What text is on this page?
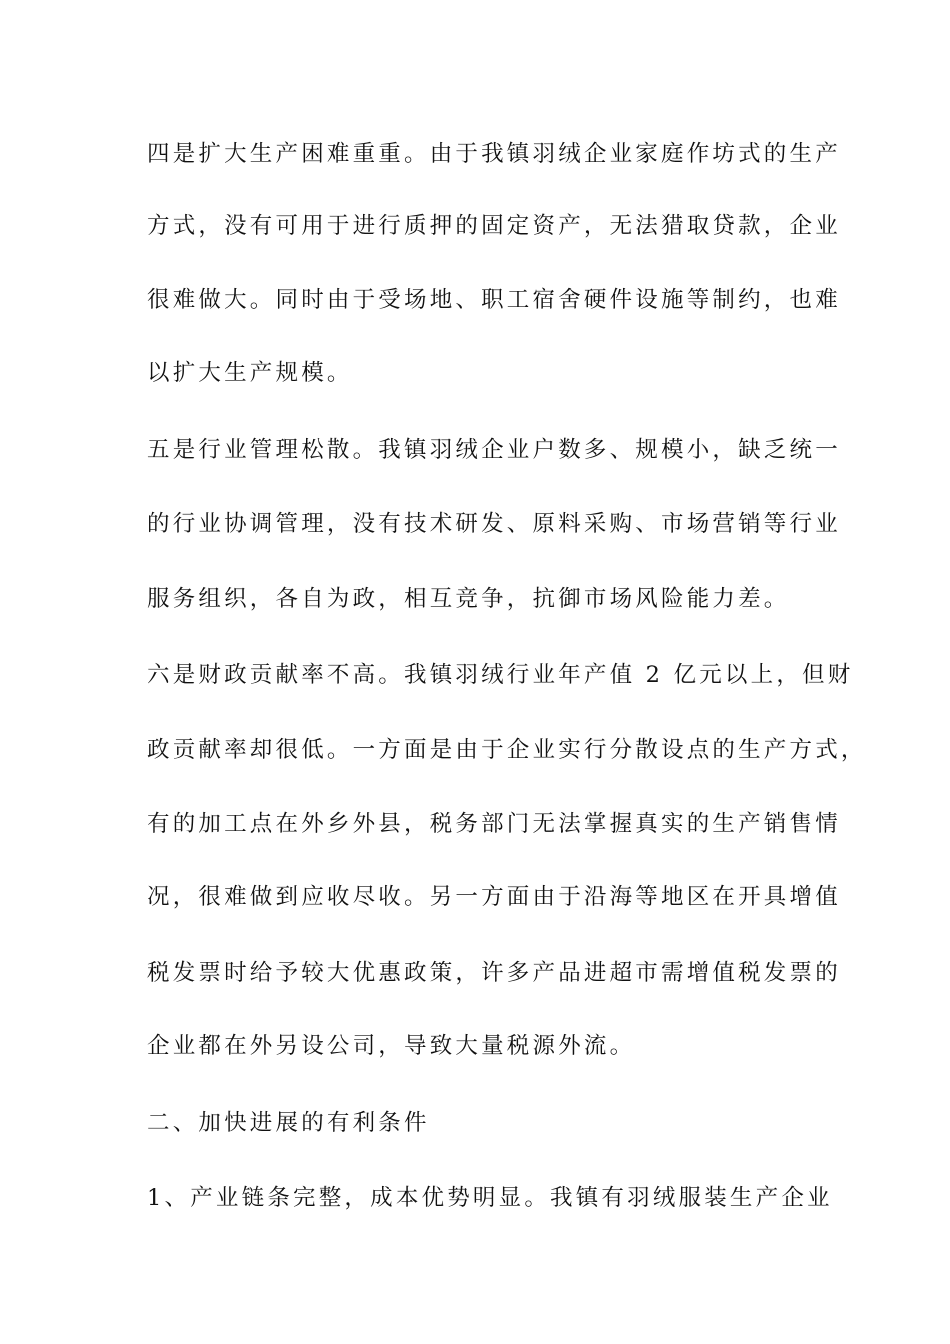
四是扩大生产困难重重。由于我镇羽绒企业家庭作坊式的生产
方式，没有可用于进行质押的固定资产，无法猎取贷款，企业
很难做大。同时由于受场地、职工宿舍硬件设施等制约，也难
以扩大生产规模。
五是行业管理松散。我镇羽绒企业户数多、规模小，缺乏统一
的行业协调管理，没有技术研发、原料采购、市场营销等行业
服务组织，各自为政，相互竞争，抗御市场风险能力差。
六是财政贡献率不高。我镇羽绒行业年产值 2 亿元以上，但财
政贡献率却很低。一方面是由于企业实行分散设点的生产方式，
有的加工点在外乡外县，税务部门无法掌握真实的生产销售情
况，很难做到应收尽收。另一方面由于沿海等地区在开具增值
税发票时给予较大优惠政策，许多产品进超市需增值税发票的
企业都在外另设公司，导致大量税源外流。
二、加快进展的有利条件
1、产业链条完整，成本优势明显。我镇有羽绒服装生产企业
